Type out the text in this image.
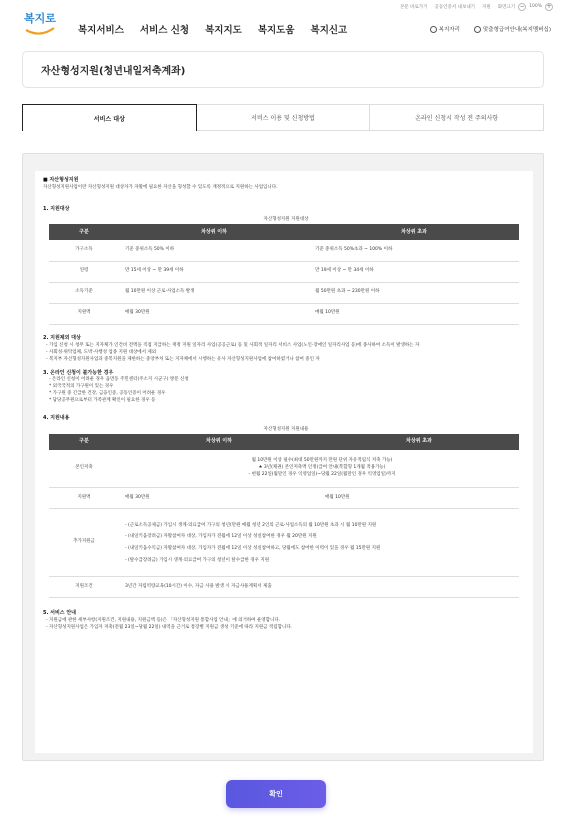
본문 바로가기 공동인증서 내보내기 지원 화면크기 − 100% +
복지로
복지서비스 서비스 신청 복지지도 복지도움 복지신고	복지자리	맞춤형급여안내(복지멤버십)
자산형성지원(청년내일저축계좌)
서비스 대상	서비스 이용 및 신청방법	온라인 신청시 작성 전 주의사항
■ 자산형성지원
자산형성지원사업이란 자산형성지원 대상자가 자활에 필요한 자산을 형성할 수 있도록 재정적으로 지원하는 사업입니다.
1. 지원대상
자산형성지원 지원대상
구분	차상위 이하	차상위 초과
가구소득	기준 중위소득 50% 이하	기준 중위소득 50%초과 ~ 100% 이하
연령	만 15세 이상 ~ 만 39세 이하	만 19세 이상 ~ 만 34세 이하
소득기준	월 10만원 이상 근로·사업소득 발생	월 50만원 초과 ~ 230만원 이하
지원액	매월 30만원	매월 10만원
2. 지원제외 대상
- 가입 신청 시 청무 또는 지자체가 인건비 전액을 직접 지급하는 재정 지원 일자리 사업(공공근로) 등 및 사회적 일자리 서비스 사업(노인·장애인 일자리사업 등)에 종사하여 소득이 발생하는 자
- 사회성·위탁업체, 도박·사행성 업종 지원 대상에서 제외
- 복지부 자산형성지원사업과 중복지원을 제한하는 중앙부처 또는 지자체에서 시행하는 유사 자산형성지원사업에 참여하였거나 참여 중인 자
3. 온라인 신청이 불가능한 경우
- 온라인 신청이 어려운 경우 읍면동 주민센터(주소지 시군구) 방문 신청
* 외국국적의 가구원이 있는 경우
* 가구원 중 긴급한 건강, 금융인증, 공동인증이 어려운 경우
* 담당공무원으로부터 가족관계 확인이 필요한 경우 등
4. 지원내용
자산형성지원 지원내용
구분	차상위 이하	차상위 초과
본인저축	월 10만원 이상 필수(최대 50만원까지 만원 단위 자유적립식 저축 가능)
★ 3년(채권) 본인저축액 인정(급여 안내(복합형 1개월 적용가능)
- 현월 22일(월말인 경우 익영업일)~당월 22일(월말인 경우 익영업일)까지	

지원액	매월 30만원	매월 10만원
추가지원금	- (근로소득공제금) 가입시 생계·의료급여 가구의 청년(만원 매월 청년 2인의 근로·사업소득의 월 10만원 초과 시 월 10만원 지원
- (내일키움장려금) 자활참여자 대상, 가입자가 전월에 12일 이상 성실참여한 경우 월 20만원 지원
- (내일키움수익금) 자활참여자 대상, 가입자가 전월에 12일 이상 성실참여하고, 당월에도 참여한 이력이 있을 경우 월 15만원 지원
- (탈수급장려금) 가입시 생계·의료급여 가구의 청년이 탈수급한 경우 지원	

지원조건	3년간 자립역량교육(10시간) 이수, 자금 사용 발생 시 자금사용계획서 제출	
5. 서비스 안내
- 지원금에 관한 세부사항(지원조건, 지원내용, 지원금액 등)은 「자산형성지원 통합사업 안내」에 의거하여 운영합니다.
- 자산형성지원사업은 가입자 저축(전월 23일~당월 22일) 내역을 근거로 통장별 지원금 생성 기준에 따라 지원금 적립합니다.
확인
